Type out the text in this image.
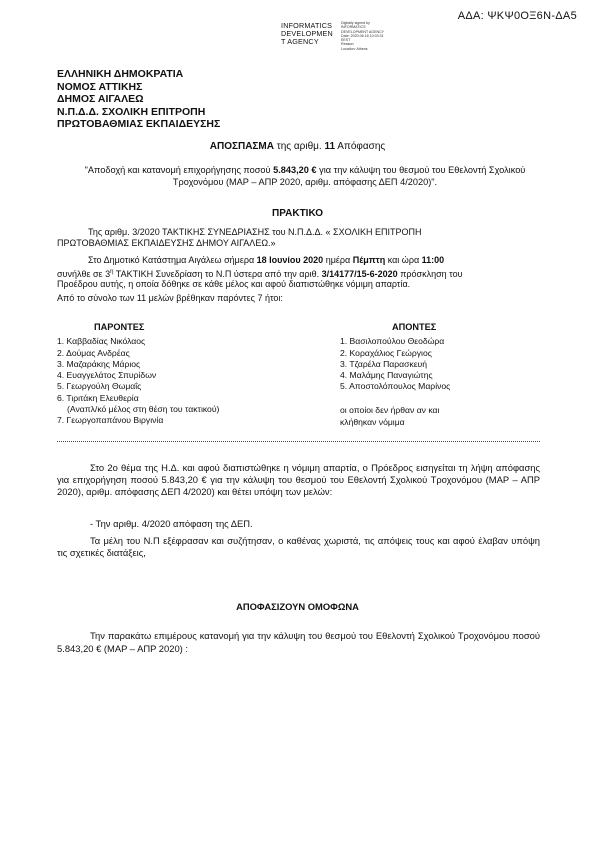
ΑΔΑ: ΨΚΨ0ΟΞ6Ν-ΔΑ5
INFORMATICS
DEVELOPMEN
T AGENCY
Digitally signed by
INFORMATICS
DEVELOPMENT AGENCY
Date: 2020.06.18 10:03:31
EEST
Reason:
Location: Athens
ΕΛΛΗΝΙΚΗ ΔΗΜΟΚΡΑΤΙΑ
ΝΟΜΟΣ ΑΤΤΙΚΗΣ
ΔΗΜΟΣ ΑΙΓΑΛΕΩ
Ν.Π.Δ.Δ. ΣΧΟΛΙΚΗ ΕΠΙΤΡΟΠΗ
ΠΡΩΤΟΒΑΘΜΙΑΣ ΕΚΠΑΙΔΕΥΣΗΣ
ΑΠΟΣΠΑΣΜΑ της αριθμ. 11 Απόφασης
"Αποδοχή και κατανομή επιχορήγησης ποσού 5.843,20 € για την κάλυψη του θεσμού του Εθελοντή Σχολικού Τροχονόμου (ΜΑΡ – ΑΠΡ 2020, αριθμ. απόφασης ΔΕΠ 4/2020)".
ΠΡΑΚΤΙΚΟ
Της αριθμ. 3/2020 ΤΑΚΤΙΚΗΣ ΣΥΝΕΔΡΙΑΣΗΣ του Ν.Π.Δ.Δ. « ΣΧΟΛΙΚΗ ΕΠΙΤΡΟΠΗ
ΠΡΩΤΟΒΑΘΜΙΑΣ ΕΚΠΑΙΔΕΥΣΗΣ ΔΗΜΟΥ ΑΙΓΑΛΕΩ.»
Στο Δημοτικό Κατάστημα Αιγάλεω σήμερα 18 Ιουνίου 2020 ημέρα Πέμπτη και ώρα 11:00
συνήλθε σε $3^\eta$ ΤΑΚΤΙΚΗ Συνεδρίαση το Ν.Π ύστερα από την αριθ. 3/14177/15-6-2020 πρόσκληση του
Προέδρου αυτής, η οποία δόθηκε σε κάθε μέλος και αφού διαπιστώθηκε νόμιμη απαρτία.
Από το σύνολο των 11 μελών βρέθηκαν παρόντες 7 ήτοι:
ΠΑΡΟΝΤΕΣ
1. Καββαδίας Νικόλαος
2. Δούμας Ανδρέας
3. Μαζαράκης Μάριος
4. Ευαγγελάτος Σπυρίδων
5. Γεωργούλη Θωμαΐς
6. Τιριτάκη Ελευθερία
(Αναπλ/κό μέλος στη θέση του τακτικού)
7. Γεωργοπαπάνου Βιργινία
ΑΠΟΝΤΕΣ
1. Βασιλοπούλου Θεοδώρα
2. Κοραχάλιος Γεώργιος
3. Τζαρέλα Παρασκευή
4. Μαλάμης Παναγιώτης
5. Αποστολόπουλος Μαρίνος
οι οποίοι δεν ήρθαν αν και
κλήθηκαν νόμιμα
Στο 2ο θέμα της Η.Δ. και αφού διαπιστώθηκε η νόμιμη απαρτία, ο Πρόεδρος εισηγείται τη λήψη απόφασης για επιχορήγηση ποσού 5.843,20 € για την κάλυψη του θεσμού του Εθελοντή Σχολικού Τροχονόμου (ΜΑΡ – ΑΠΡ 2020), αριθμ. απόφασης ΔΕΠ 4/2020) και θέτει υπόψη των μελών:
- Την αριθμ. 4/2020 απόφαση της ΔΕΠ.
Τα μέλη του Ν.Π εξέφρασαν και συζήτησαν, ο καθένας χωριστά, τις απόψεις τους και αφού έλαβαν υπόψη τις σχετικές διατάξεις,
ΑΠΟΦΑΣΙΖΟΥΝ ΟΜΟΦΩΝΑ
Την παρακάτω επιμέρους κατανομή για την κάλυψη του θεσμού του Εθελοντή Σχολικού Τροχονόμου ποσού 5.843,20 € (ΜΑΡ – ΑΠΡ 2020) :
